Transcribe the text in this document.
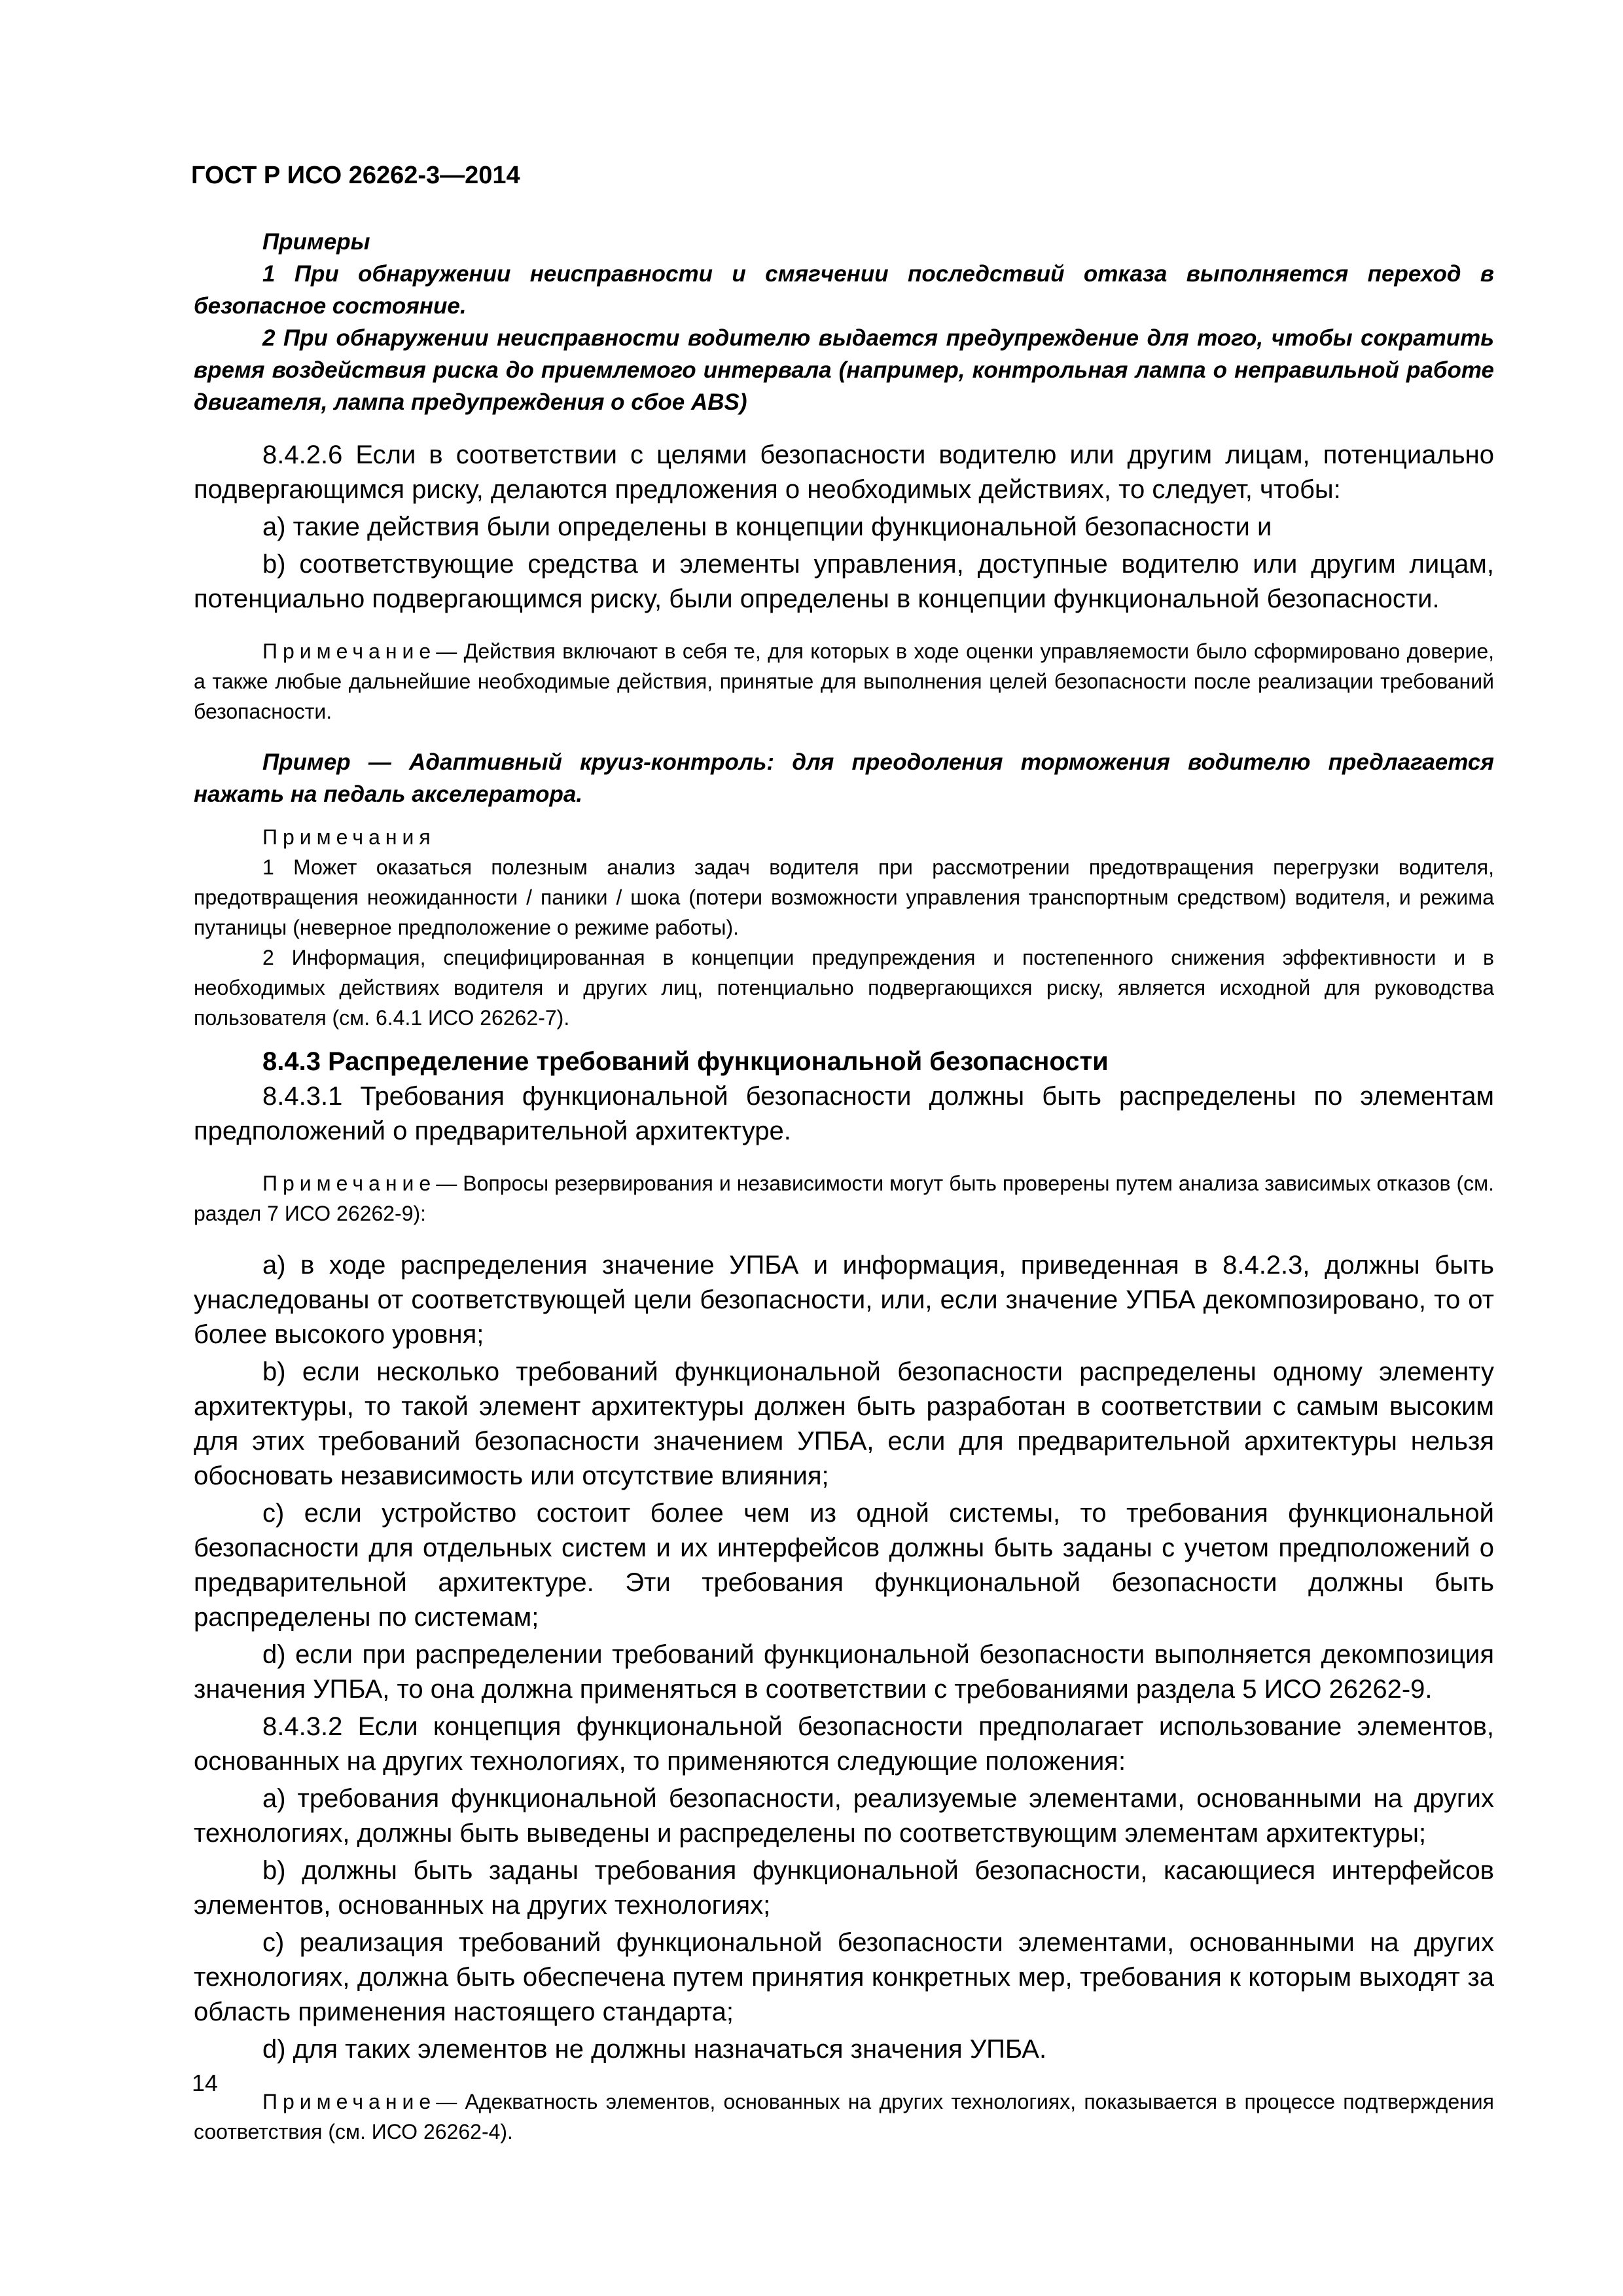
ГОСТ Р ИСО 26262-3—2014

Примеры

1 При обнаружении неисправности и смягчении последствий отказа выполняется переход в безопасное состояние.

2 При обнаружении неисправности водителю выдается предупреждение для того, чтобы сократить время воздействия риска до приемлемого интервала (например, контрольная лампа о неправильной работе двигателя, лампа предупреждения о сбое ABS)

8.4.2.6 Если в соответствии с целями безопасности водителю или другим лицам, потенциально подвергающимся риску, делаются предложения о необходимых действиях, то следует, чтобы:

a) такие действия были определены в концепции функциональной безопасности и

b) соответствующие средства и элементы управления, доступные водителю или другим лицам, потенциально подвергающимся риску, были определены в концепции функциональной безопасности.

Примечание— Действия включают в себя те, для которых в ходе оценки управляемости было сформировано доверие, а также любые дальнейшие необходимые действия, принятые для выполнения целей безопасности после реализации требований безопасности.

Пример — Адаптивный круиз-контроль: для преодоления торможения водителю предлагается нажать на педаль акселератора.

Примечания

1 Может оказаться полезным анализ задач водителя при рассмотрении предотвращения перегрузки водителя, предотвращения неожиданности / паники / шока (потери возможности управления транспортным средством) водителя, и режима путаницы (неверное предположение о режиме работы).

2 Информация, специфицированная в концепции предупреждения и постепенного снижения эффективности и в необходимых действиях водителя и других лиц, потенциально подвергающихся риску, является исходной для руководства пользователя (см. 6.4.1 ИСО 26262-7).

8.4.3 Распределение требований функциональной безопасности

8.4.3.1 Требования функциональной безопасности должны быть распределены по элементам предположений о предварительной архитектуре.

Примечание— Вопросы резервирования и независимости могут быть проверены путем анализа зависимых отказов (см. раздел 7 ИСО 26262-9):

a) в ходе распределения значение УПБА и информация, приведенная в 8.4.2.3, должны быть унаследованы от соответствующей цели безопасности, или, если значение УПБА декомпозировано, то от более высокого уровня;

b) если несколько требований функциональной безопасности распределены одному элементу архитектуры, то такой элемент архитектуры должен быть разработан в соответствии с самым высоким для этих требований безопасности значением УПБА, если для предварительной архитектуры нельзя обосновать независимость или отсутствие влияния;

c) если устройство состоит более чем из одной системы, то требования функциональной безопасности для отдельных систем и их интерфейсов должны быть заданы с учетом предположений о предварительной архитектуре. Эти требования функциональной безопасности должны быть распределены по системам;

d) если при распределении требований функциональной безопасности выполняется декомпозиция значения УПБА, то она должна применяться в соответствии с требованиями раздела 5 ИСО 26262-9.

8.4.3.2 Если концепция функциональной безопасности предполагает использование элементов, основанных на других технологиях, то применяются следующие положения:

a) требования функциональной безопасности, реализуемые элементами, основанными на других технологиях, должны быть выведены и распределены по соответствующим элементам архитектуры;

b) должны быть заданы требования функциональной безопасности, касающиеся интерфейсов элементов, основанных на других технологиях;

c) реализация требований функциональной безопасности элементами, основанными на других технологиях, должна быть обеспечена путем принятия конкретных мер, требования к которым выходят за область применения настоящего стандарта;

d) для таких элементов не должны назначаться значения УПБА.

Примечание— Адекватность элементов, основанных на других технологиях, показывается в процессе подтверждения соответствия (см. ИСО 26262-4).

14
